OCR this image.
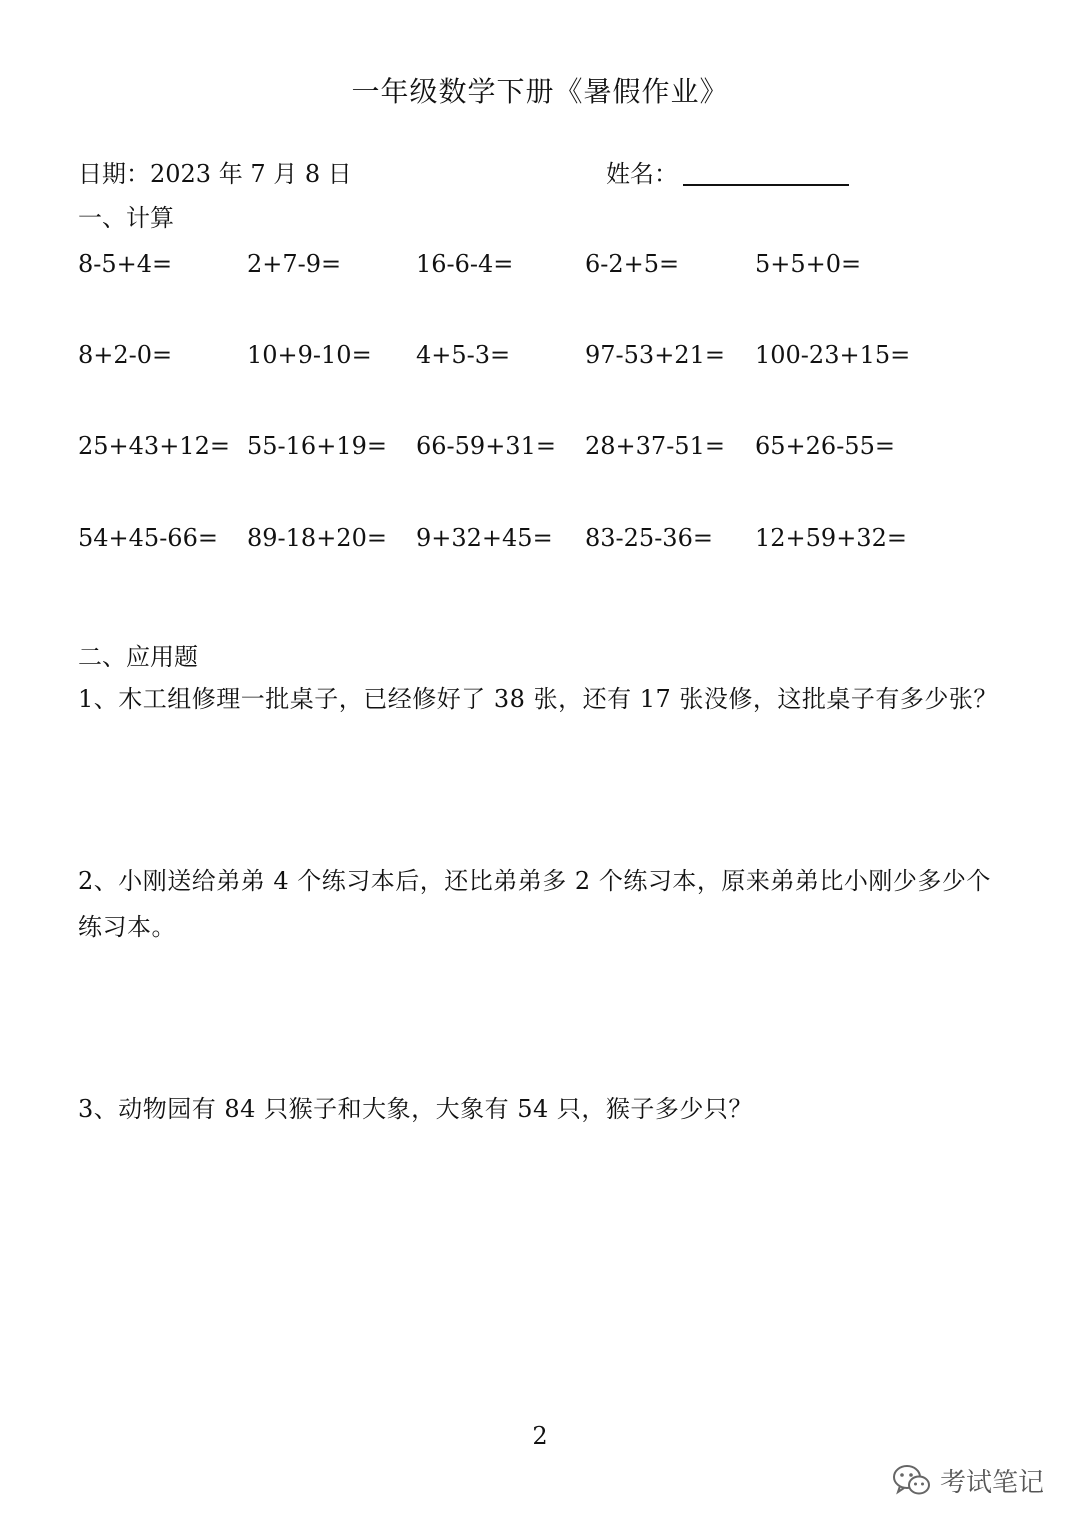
一年级数学下册《暑假作业》
日期：2023 年 7 月 8 日	姓名：
一、计算
8-5+4=	2+7-9=	16-6-4=	6-2+5=	5+5+0=
8+2-0=	10+9-10= 4+5-3=	97-53+21= 100-23+15=
25+43+12= 55-16+19= 66-59+31= 28+37-51= 65+26-55=
54+45-66= 89-18+20= 9+32+45= 83-25-36= 12+59+32=
二、应用题
1、木工组修理一批桌子，已经修好了 38 张，还有 17 张没修，这批桌子有多少张？
2、小刚送给弟弟 4 个练习本后，还比弟弟多 2 个练习本，原来弟弟比小刚少多少个练习本。
3、动物园有 84 只猴子和大象，大象有 54 只，猴子多少只？
2
考试笔记
